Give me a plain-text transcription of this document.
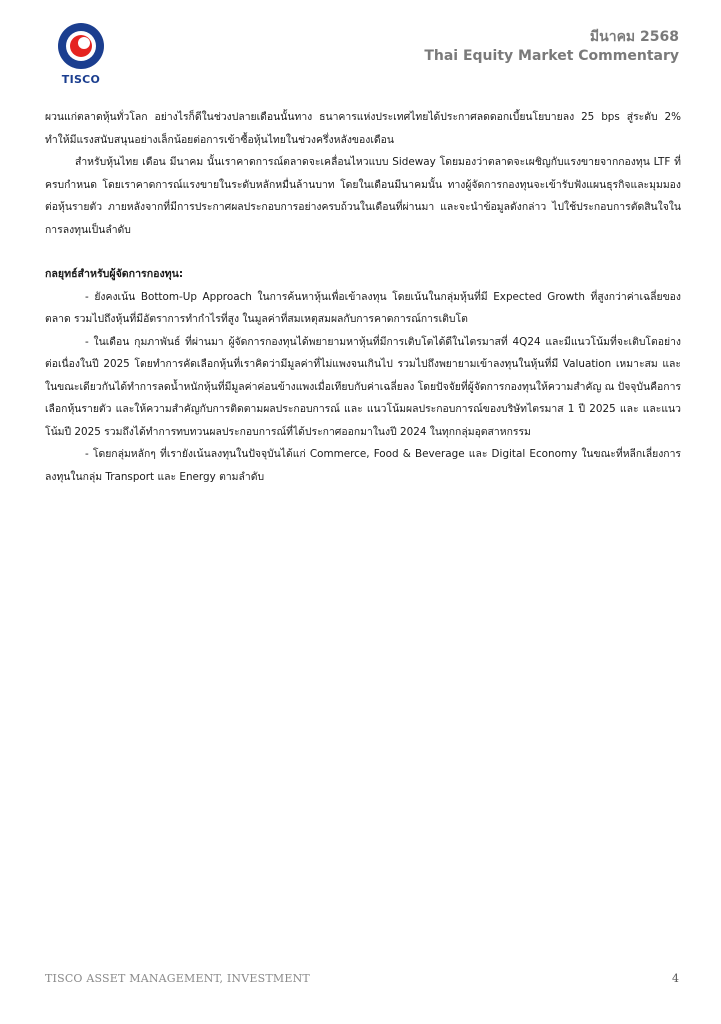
TISCO
มีนาคม 2568
Thai Equity Market Commentary

ผวนแก่ตลาดหุ้นทั่วโลก อย่างไรก็ดีในช่วงปลายเดือนนั้นทาง ธนาคารแห่งประเทศไทยได้ประกาศลดดอกเบี้ยนโยบายลง 25 bps สู่ระดับ 2% ทำให้มีแรงสนับสนุนอย่างเล็กน้อยต่อการเข้าซื้อหุ้นไทยในช่วงครึ่งหลังของเดือน

สำหรับหุ้นไทย เดือน มีนาคม นั้นเราคาดการณ์ตลาดจะเคลื่อนไหวแบบ Sideway โดยมองว่าตลาดจะเผชิญกับแรงขายจากกองทุน LTF ที่ครบกำหนด โดยเราคาดการณ์แรงขายในระดับหลักหมื่นล้านบาท โดยในเดือนมีนาคมนั้น ทางผู้จัดการกองทุนจะเข้ารับฟังแผนธุรกิจและมุมมองต่อหุ้นรายตัว ภายหลังจากที่มีการประกาศผลประกอบการอย่างครบถ้วนในเดือนที่ผ่านมา และจะนำข้อมูลดังกล่าว ไปใช้ประกอบการตัดสินใจในการลงทุนเป็นลำดับ

กลยุทธ์สำหรับผู้จัดการกองทุน:

- ยังคงเน้น Bottom-Up Approach ในการค้นหาหุ้นเพื่อเข้าลงทุน โดยเน้นในกลุ่มหุ้นที่มี Expected Growth ที่สูงกว่าค่าเฉลี่ยของตลาด รวมไปถึงหุ้นที่มีอัตราการทำกำไรที่สูง ในมูลค่าที่สมเหตุสมผลกับการคาดการณ์การเติบโต

- ในเดือน กุมภาพันธ์ ที่ผ่านมา ผู้จัดการกองทุนได้พยายามหาหุ้นที่มีการเติบโตได้ดีในไตรมาสที่ 4Q24 และมีแนวโน้มที่จะเติบโตอย่างต่อเนื่องในปี 2025 โดยทำการคัดเลือกหุ้นที่เราคิดว่ามีมูลค่าที่ไม่แพงจนเกินไป รวมไปถึงพยายามเข้าลงทุนในหุ้นที่มี Valuation เหมาะสม และในขณะเดียวกันได้ทำการลดน้ำหนักหุ้นที่มีมูลค่าค่อนข้างแพงเมื่อเทียบกับค่าเฉลี่ยลง โดยปัจจัยที่ผู้จัดการกองทุนให้ความสำคัญ ณ ปัจจุบันคือการเลือกหุ้นรายตัว และให้ความสำคัญกับการติดตามผลประกอบการณ์ และ แนวโน้มผลประกอบการณ์ของบริษัทไตรมาส 1 ปี 2025 และ และแนวโน้มปี 2025 รวมถึงได้ทำการทบทวนผลประกอบการณ์ที่ได้ประกาศออกมาในงปี 2024 ในทุกกลุ่มอุตสาหกรรม

- โดยกลุ่มหลักๆ ที่เรายังเน้นลงทุนในปัจจุบันได้แก่ Commerce, Food & Beverage และ Digital Economy ในขณะที่หลีกเลี่ยงการลงทุนในกลุ่ม Transport และ Energy ตามลำดับ

TISCO ASSET MANAGEMENT, INVESTMENT	4
